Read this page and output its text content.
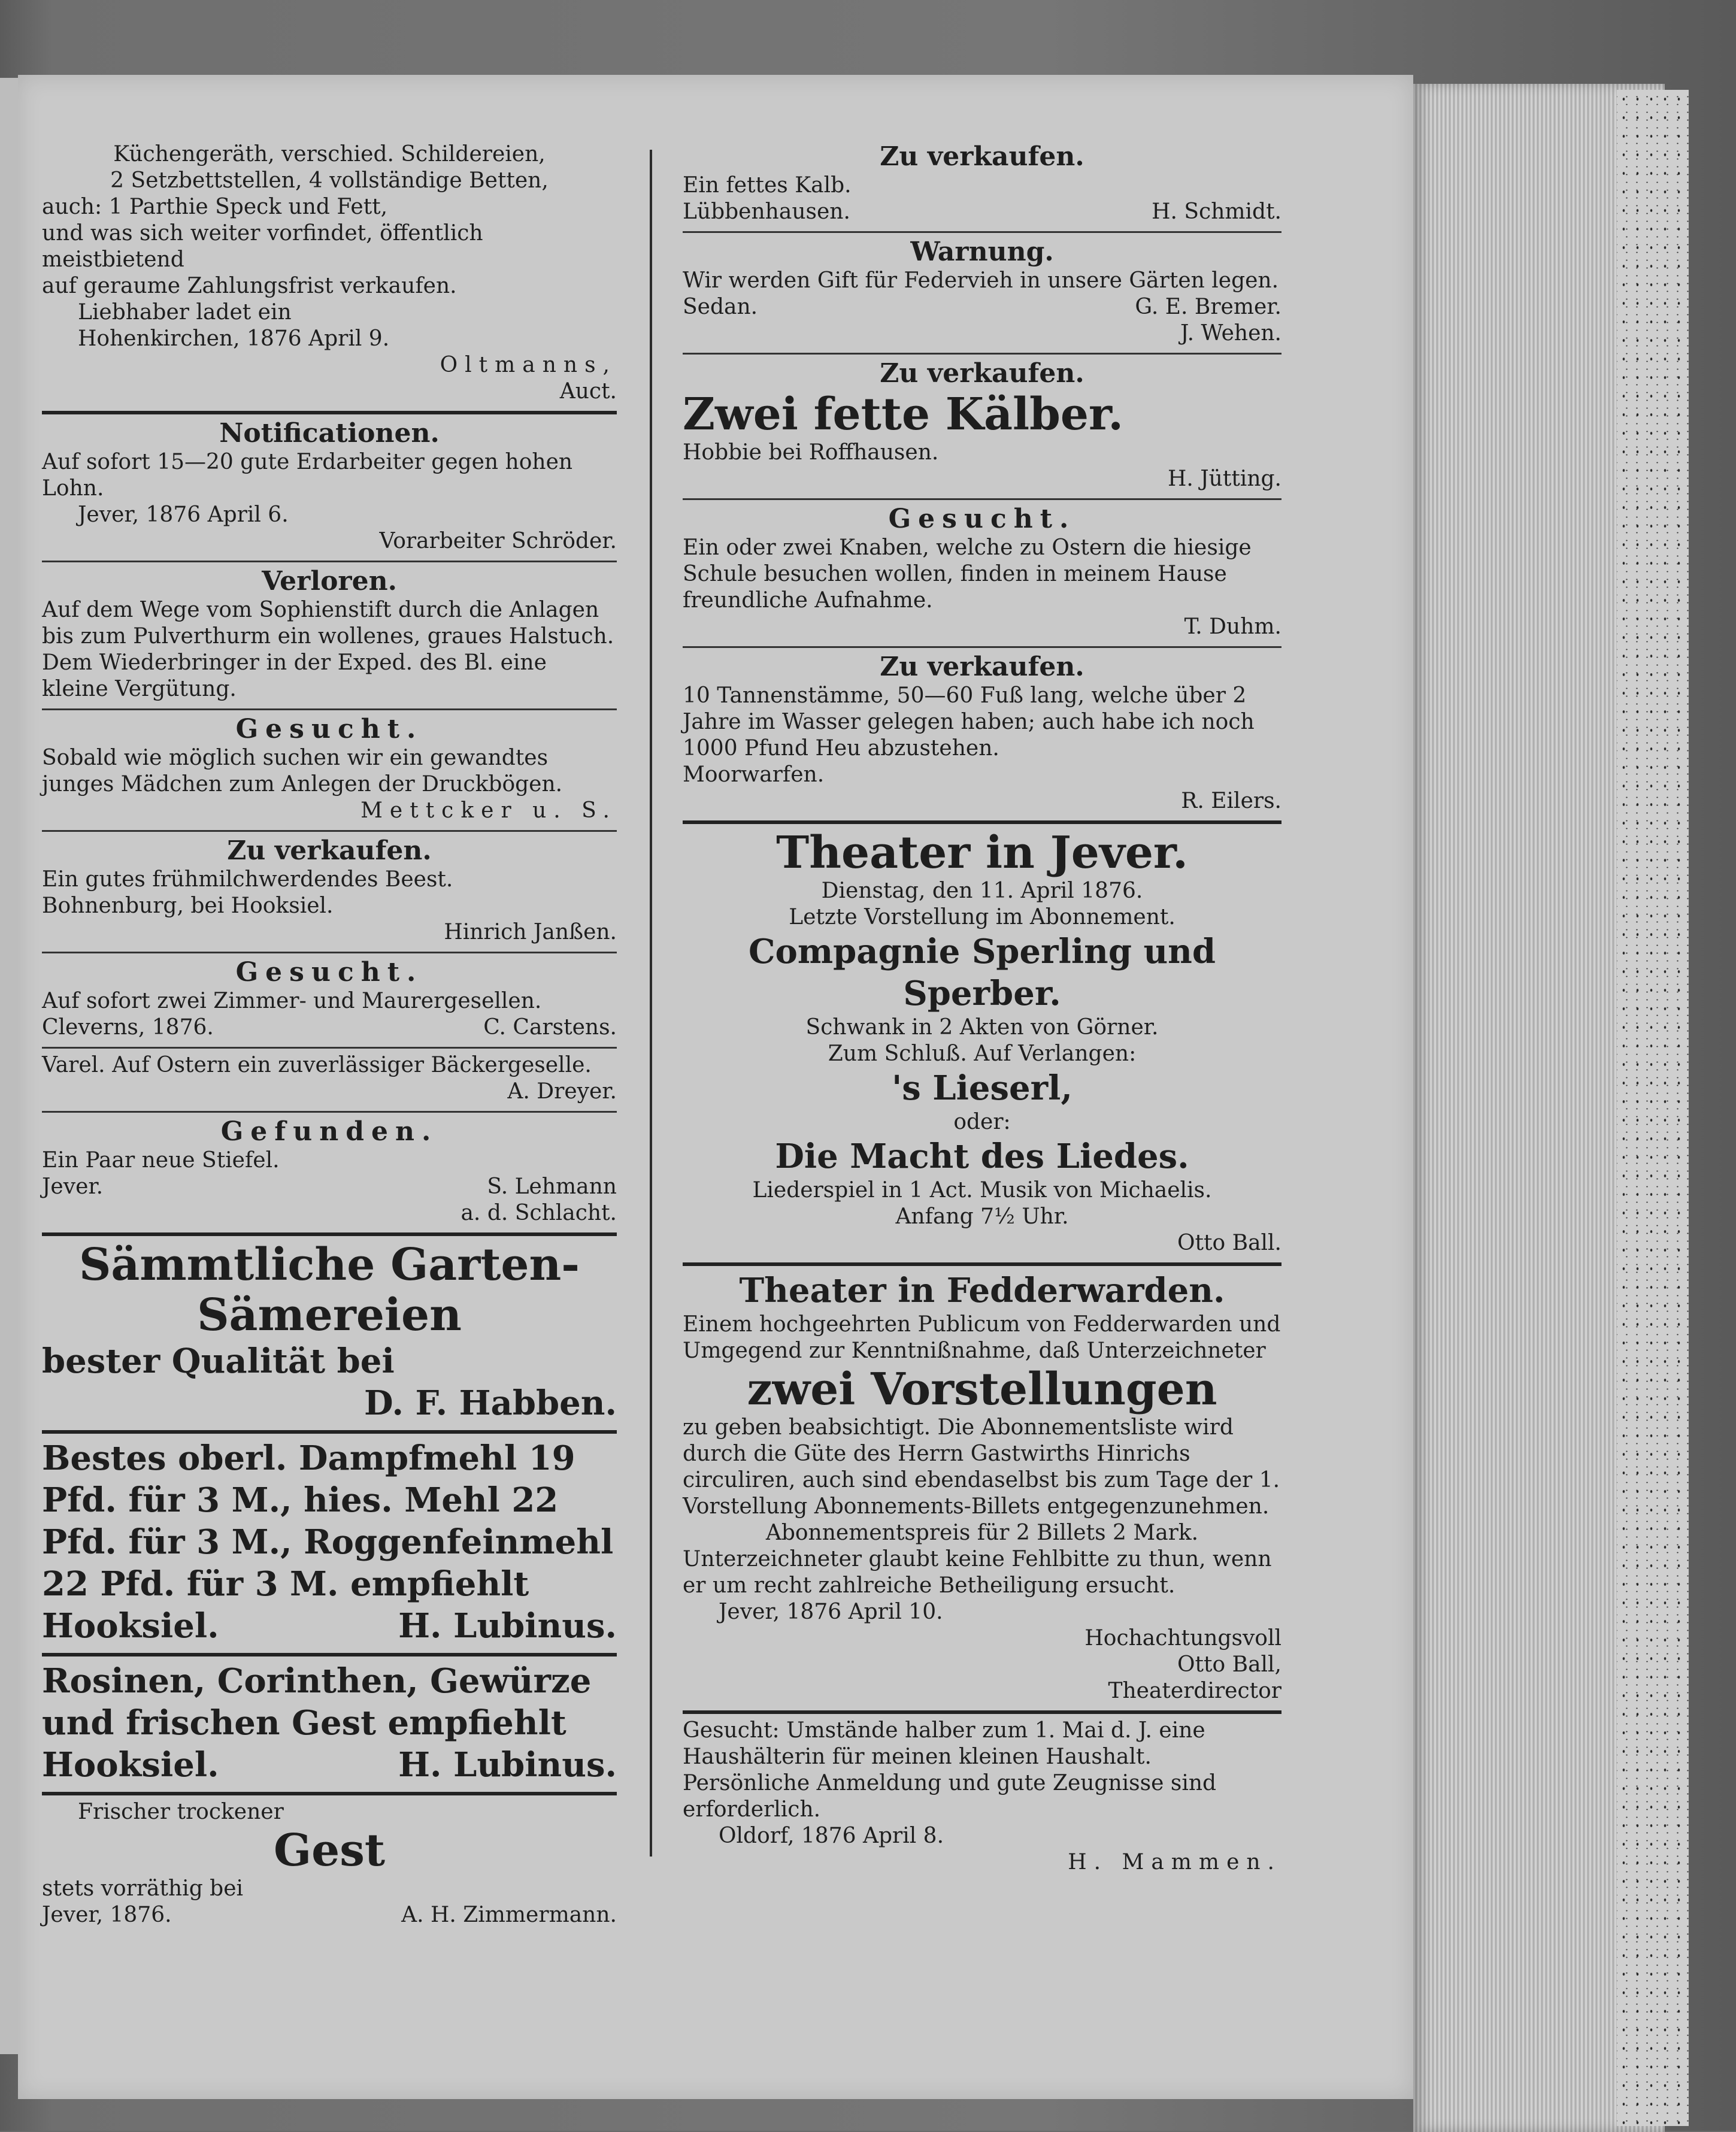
Küchengeräth, verschied. Schildereien,
2 Setzbettstellen, 4 vollständige Betten,
auch: 1 Parthie Speck und Fett,
und was sich weiter vorfindet, öffentlich meistbietend
auf geraume Zahlungsfrist verkaufen.
Liebhaber ladet ein
Hohenkirchen, 1876 April 9.
Oltmanns,
Auct.
Notificationen.
Auf sofort 15—20 gute Erdarbeiter gegen hohen Lohn.
Jever, 1876 April 6.
Vorarbeiter Schröder.
Verloren.
Auf dem Wege vom Sophienstift durch die Anlagen bis zum Pulverthurm ein wollenes, graues Halstuch. Dem Wiederbringer in der Exped. des Bl. eine kleine Vergütung.
Gesucht.
Sobald wie möglich suchen wir ein gewandtes junges Mädchen zum Anlegen der Druckbögen.
Mettcker u. S.
Zu verkaufen.
Ein gutes frühmilchwerdendes Beest.
Bohnenburg, bei Hooksiel.
Hinrich Janßen.
Gesucht.
Auf sofort zwei Zimmer- und Maurergesellen.
Cleverns, 1876.	C. Carstens.
Varel. Auf Ostern ein zuverlässiger Bäckergeselle.
A. Dreyer.
Gefunden.
Ein Paar neue Stiefel.
Jever.	S. Lehmann
a. d. Schlacht.
Sämmtliche Garten-
Sämereien
bester Qualität bei
D. F. Habben.
Bestes oberl. Dampfmehl 19 Pfd. für 3 M., hies. Mehl 22 Pfd. für 3 M., Roggenfeinmehl 22 Pfd. für 3 M. empfiehlt
Hooksiel.	H. Lubinus.
Rosinen, Corinthen, Gewürze und frischen Gest empfiehlt
Hooksiel.	H. Lubinus.
Frischer trockener
Gest
stets vorräthig bei
Jever, 1876.	A. H. Zimmermann.
Zu verkaufen.
Ein fettes Kalb.
Lübbenhausen.	H. Schmidt.
Warnung.
Wir werden Gift für Federvieh in unsere Gärten legen.
Sedan.	G. E. Bremer.
J. Wehen.
Zu verkaufen.
Zwei fette Kälber.
Hobbie bei Roffhausen.
H. Jütting.
Gesucht.
Ein oder zwei Knaben, welche zu Ostern die hiesige Schule besuchen wollen, finden in meinem Hause freundliche Aufnahme.
T. Duhm.
Zu verkaufen.
10 Tannenstämme, 50—60 Fuß lang, welche über 2 Jahre im Wasser gelegen haben; auch habe ich noch 1000 Pfund Heu abzustehen.
Moorwarfen.
R. Eilers.
Theater in Jever.
Dienstag, den 11. April 1876.
Letzte Vorstellung im Abonnement.
Compagnie Sperling und Sperber.
Schwank in 2 Akten von Görner.
Zum Schluß. Auf Verlangen:
's Lieserl,
oder:
Die Macht des Liedes.
Liederspiel in 1 Act. Musik von Michaelis.
Anfang 7½ Uhr.
Otto Ball.
Theater in Fedderwarden.
Einem hochgeehrten Publicum von Fedderwarden und Umgegend zur Kenntnißnahme, daß Unterzeichneter
zwei Vorstellungen
zu geben beabsichtigt. Die Abonnementsliste wird durch die Güte des Herrn Gastwirths Hinrichs circuliren, auch sind ebendaselbst bis zum Tage der 1. Vorstellung Abonnements-Billets entgegenzunehmen.
Abonnementspreis für 2 Billets 2 Mark.
Unterzeichneter glaubt keine Fehlbitte zu thun, wenn er um recht zahlreiche Betheiligung ersucht.
Jever, 1876 April 10.
Hochachtungsvoll
Otto Ball,
Theaterdirector
Gesucht: Umstände halber zum 1. Mai d. J. eine Haushälterin für meinen kleinen Haushalt. Persönliche Anmeldung und gute Zeugnisse sind erforderlich.
Oldorf, 1876 April 8.
H. Mammen.
